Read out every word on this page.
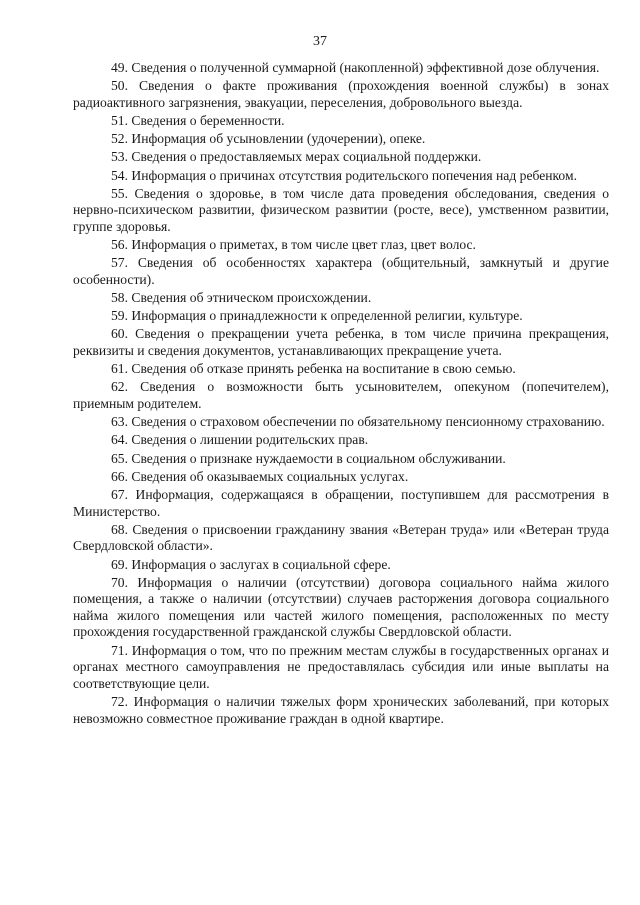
37

49. Сведения о полученной суммарной (накопленной) эффективной дозе облучения.

50. Сведения о факте проживания (прохождения военной службы) в зонах радиоактивного загрязнения, эвакуации, переселения, добровольного выезда.

51. Сведения о беременности.

52. Информация об усыновлении (удочерении), опеке.

53. Сведения о предоставляемых мерах социальной поддержки.

54. Информация о причинах отсутствия родительского попечения над ребенком.

55. Сведения о здоровье, в том числе дата проведения обследования, сведения о нервно-психическом развитии, физическом развитии (росте, весе), умственном развитии, группе здоровья.

56. Информация о приметах, в том числе цвет глаз, цвет волос.

57. Сведения об особенностях характера (общительный, замкнутый и другие особенности).

58. Сведения об этническом происхождении.

59. Информация о принадлежности к определенной религии, культуре.

60. Сведения о прекращении учета ребенка, в том числе причина прекращения, реквизиты и сведения документов, устанавливающих прекращение учета.

61. Сведения об отказе принять ребенка на воспитание в свою семью.

62. Сведения о возможности быть усыновителем, опекуном (попечителем), приемным родителем.

63. Сведения о страховом обеспечении по обязательному пенсионному страхованию.

64. Сведения о лишении родительских прав.

65. Сведения о признаке нуждаемости в социальном обслуживании.

66. Сведения об оказываемых социальных услугах.

67. Информация, содержащаяся в обращении, поступившем для рассмотрения в Министерство.

68. Сведения о присвоении гражданину звания «Ветеран труда» или «Ветеран труда Свердловской области».

69. Информация о заслугах в социальной сфере.

70. Информация о наличии (отсутствии) договора социального найма жилого помещения, а также о наличии (отсутствии) случаев расторжения договора социального найма жилого помещения или частей жилого помещения, расположенных по месту прохождения государственной гражданской службы Свердловской области.

71. Информация о том, что по прежним местам службы в государственных органах и органах местного самоуправления не предоставлялась субсидия или иные выплаты на соответствующие цели.

72. Информация о наличии тяжелых форм хронических заболеваний, при которых невозможно совместное проживание граждан в одной квартире.
